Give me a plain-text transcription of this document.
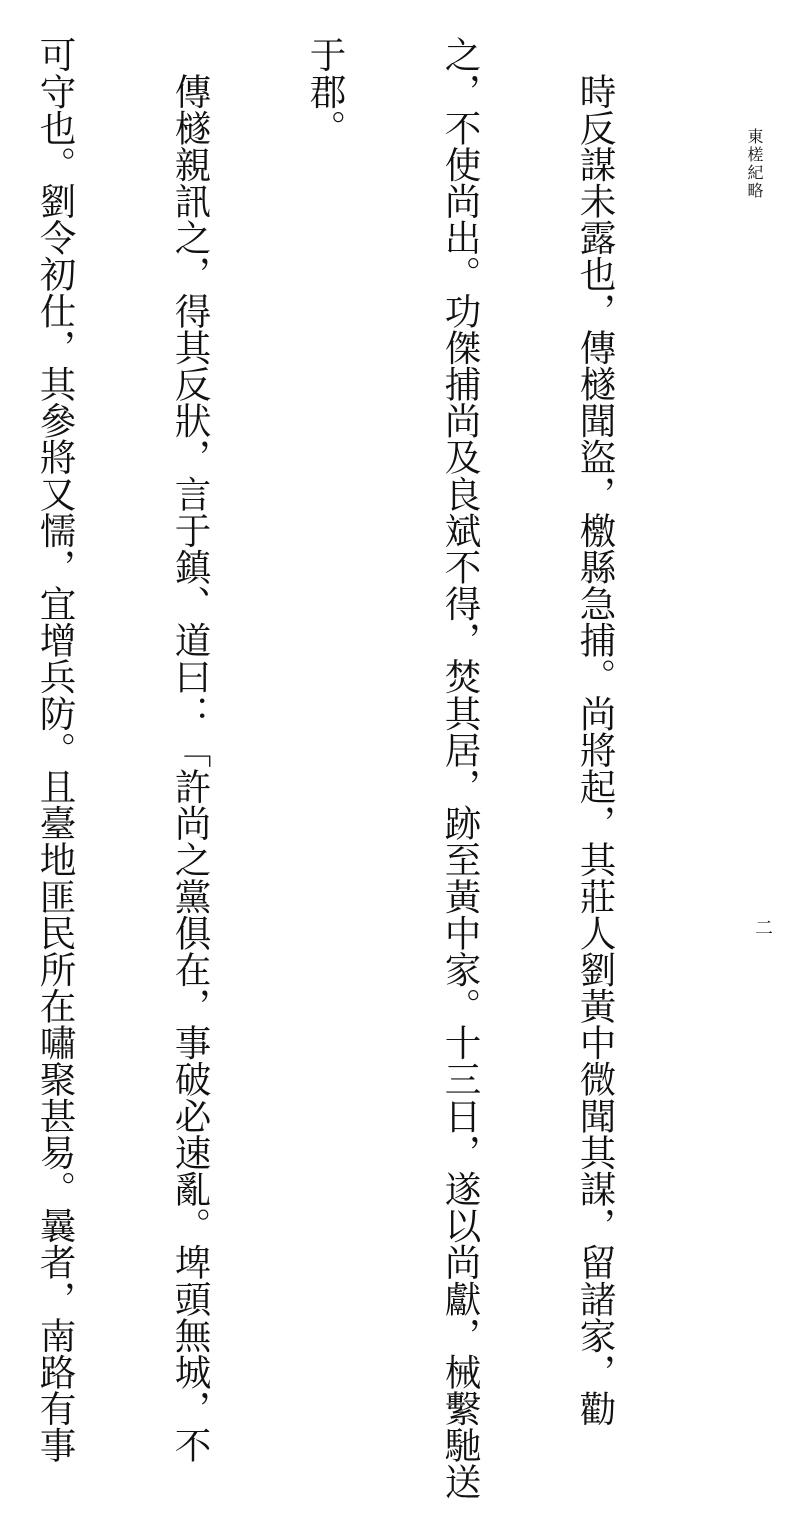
東槎紀略
二

　時反謀未露也，傳檖聞盜，檄縣急捕。尚將起，其莊人劉黃中微聞其謀，留諸家，勸

之，不使尚出。功傑捕尚及良斌不得，焚其居，跡至黃中家。十三日，遂以尚獻，械繫馳送

于郡。

　傳檖親訊之，得其反狀，言于鎮、道曰：「許尚之黨俱在，事破必速亂。埤頭無城，不

可守也。劉令初仕，其參將又懦，宜增兵防。且臺地匪民所在嘯聚甚易。曩者，南路有事
